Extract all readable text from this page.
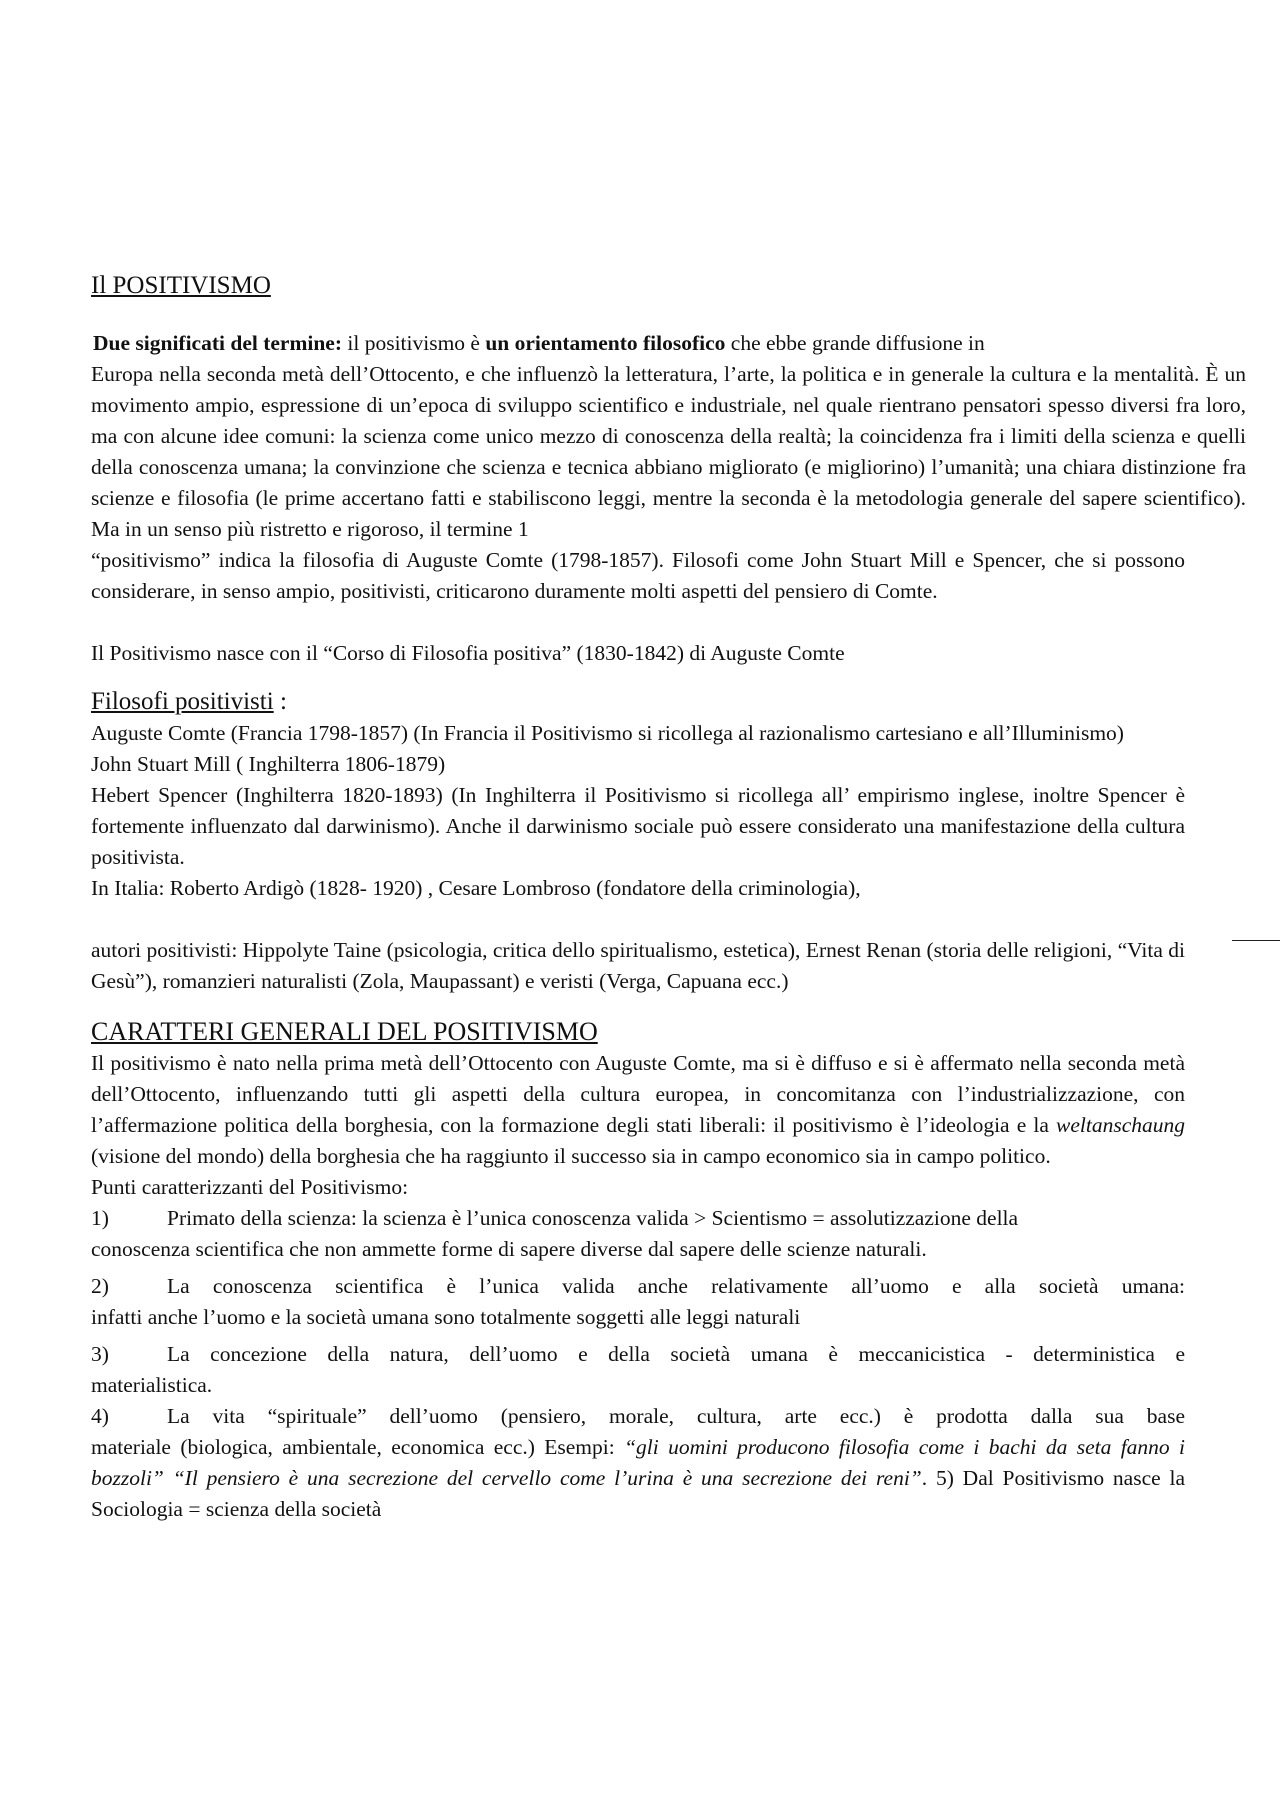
Il POSITIVISMO

Due significati del termine: il positivismo è un orientamento filosofico che ebbe grande diffusione in

Europa nella seconda metà dell’Ottocento, e che influenzò la letteratura, l’arte, la politica e in generale la cultura e la mentalità. È un movimento ampio, espressione di un’epoca di sviluppo scientifico e industriale, nel quale rientrano pensatori spesso diversi fra loro, ma con alcune idee comuni: la scienza come unico mezzo di conoscenza della realtà; la coincidenza fra i limiti della scienza e quelli della conoscenza umana; la convinzione che scienza e tecnica abbiano migliorato (e migliorino) l’umanità; una chiara distinzione fra scienze e filosofia (le prime accertano fatti e stabiliscono leggi, mentre la seconda è la metodologia generale del sapere scientifico). Ma in un senso più ristretto e rigoroso, il termine 1

“positivismo” indica la filosofia di Auguste Comte (1798-1857). Filosofi come John Stuart Mill e Spencer, che si possono considerare, in senso ampio, positivisti, criticarono duramente molti aspetti del pensiero di Comte.

Il Positivismo nasce con il “Corso di Filosofia positiva” (1830-1842) di Auguste Comte

Filosofi positivisti :

Auguste Comte (Francia 1798-1857) (In Francia il Positivismo si ricollega al razionalismo cartesiano e all’Illuminismo)

John Stuart Mill ( Inghilterra 1806-1879)

Hebert Spencer (Inghilterra 1820-1893) (In Inghilterra il Positivismo si ricollega all’ empirismo inglese, inoltre Spencer è fortemente influenzato dal darwinismo). Anche il darwinismo sociale può essere considerato una manifestazione della cultura positivista.

In Italia: Roberto Ardigò (1828- 1920) , Cesare Lombroso (fondatore della criminologia),

autori positivisti: Hippolyte Taine (psicologia, critica dello spiritualismo, estetica), Ernest Renan (storia delle religioni, “Vita di Gesù”), romanzieri naturalisti (Zola, Maupassant) e veristi (Verga, Capuana ecc.)

CARATTERI GENERALI DEL POSITIVISMO

Il positivismo è nato nella prima metà dell’Ottocento con Auguste Comte, ma si è diffuso e si è affermato nella seconda metà dell’Ottocento, influenzando tutti gli aspetti della cultura europea, in concomitanza con l’industrializzazione, con l’affermazione politica della borghesia, con la formazione degli stati liberali: il positivismo è l’ideologia e la weltanschaung (visione del mondo) della borghesia che ha raggiunto il successo sia in campo economico sia in campo politico.

Punti caratterizzanti del Positivismo:

1)	Primato della scienza: la scienza è l’unica conoscenza valida > Scientismo = assolutizzazione della

conoscenza scientifica che non ammette forme di sapere diverse dal sapere delle scienze naturali.

2)	La conoscenza scientifica è l’unica valida anche relativamente all’uomo e alla società umana:

infatti anche l’uomo e la società umana sono totalmente soggetti alle leggi naturali

3)	La concezione della natura, dell’uomo e della società umana è meccanicistica - deterministica e

materialistica.

4)	La vita “spirituale” dell’uomo (pensiero, morale, cultura, arte ecc.) è prodotta dalla sua base

materiale (biologica, ambientale, economica ecc.) Esempi: “gli uomini producono filosofia come i bachi da seta fanno i bozzoli” “Il pensiero è una secrezione del cervello come l’urina è una secrezione dei reni”. 5) Dal Positivismo nasce la Sociologia = scienza della società
